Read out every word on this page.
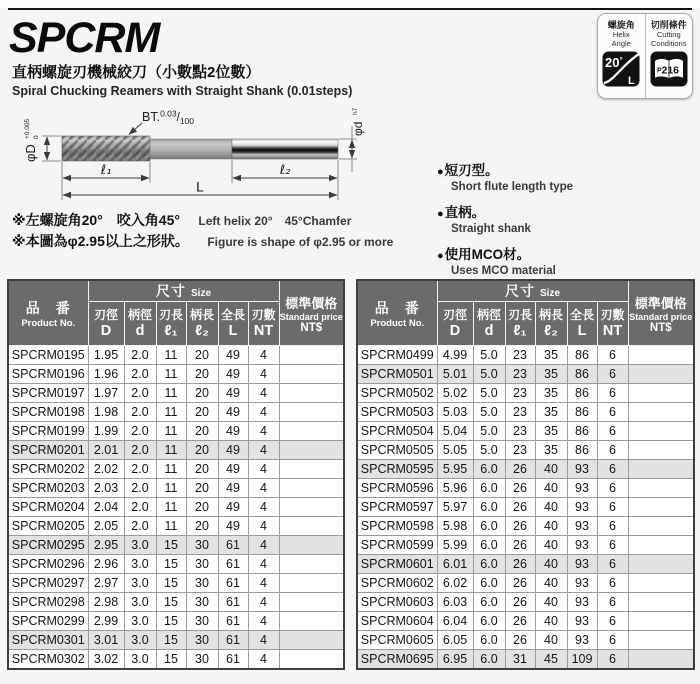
SPCRM
直柄螺旋刃機械絞刀（小數點2位數）
Spiral Chucking Reamers with Straight Shank (0.01steps)
螺旋角
Helix
Angle
20°
L
切削條件
Cutting
Conditions
P 216
$BT.^{0.03}/_{100}$
φD
+0.005 0
φd
h7
ℓ₁	ℓ₂
L
※左螺旋角20°　咬入角45° Left helix 20°　45°Chamfer
※本圖為φ2.95以上之形狀。 Figure is shape of φ2.95 or more
●短刃型。
Short flute length type
●直柄。
Straight shank
●使用MCO材。
Uses MCO material
品　番
Product No.
	尺寸 Size	
標準價格
Standard price
NT$

刃徑
D

柄徑
d

刃長
ℓ₁

柄長
ℓ₂

全長
L

刃數
NT

SPCRM0195	1.95	2.0	11	20	49	4	
SPCRM0196	1.96	2.0	11	20	49	4	
SPCRM0197	1.97	2.0	11	20	49	4	
SPCRM0198	1.98	2.0	11	20	49	4	
SPCRM0199	1.99	2.0	11	20	49	4	
SPCRM0201	2.01	2.0	11	20	49	4	
SPCRM0202	2.02	2.0	11	20	49	4	
SPCRM0203	2.03	2.0	11	20	49	4	
SPCRM0204	2.04	2.0	11	20	49	4	
SPCRM0205	2.05	2.0	11	20	49	4	
SPCRM0295	2.95	3.0	15	30	61	4	
SPCRM0296	2.96	3.0	15	30	61	4	
SPCRM0297	2.97	3.0	15	30	61	4	
SPCRM0298	2.98	3.0	15	30	61	4	
SPCRM0299	2.99	3.0	15	30	61	4	
SPCRM0301	3.01	3.0	15	30	61	4	
SPCRM0302	3.02	3.0	15	30	61	4	
品　番
Product No.
	尺寸 Size	
標準價格
Standard price
NT$

刃徑
D

柄徑
d

刃長
ℓ₁

柄長
ℓ₂

全長
L

刃數
NT

SPCRM0499	4.99	5.0	23	35	86	6	
SPCRM0501	5.01	5.0	23	35	86	6	
SPCRM0502	5.02	5.0	23	35	86	6	
SPCRM0503	5.03	5.0	23	35	86	6	
SPCRM0504	5.04	5.0	23	35	86	6	
SPCRM0505	5.05	5.0	23	35	86	6	
SPCRM0595	5.95	6.0	26	40	93	6	
SPCRM0596	5.96	6.0	26	40	93	6	
SPCRM0597	5.97	6.0	26	40	93	6	
SPCRM0598	5.98	6.0	26	40	93	6	
SPCRM0599	5.99	6.0	26	40	93	6	
SPCRM0601	6.01	6.0	26	40	93	6	
SPCRM0602	6.02	6.0	26	40	93	6	
SPCRM0603	6.03	6.0	26	40	93	6	
SPCRM0604	6.04	6.0	26	40	93	6	
SPCRM0605	6.05	6.0	26	40	93	6	
SPCRM0695	6.95	6.0	31	45	109	6	
